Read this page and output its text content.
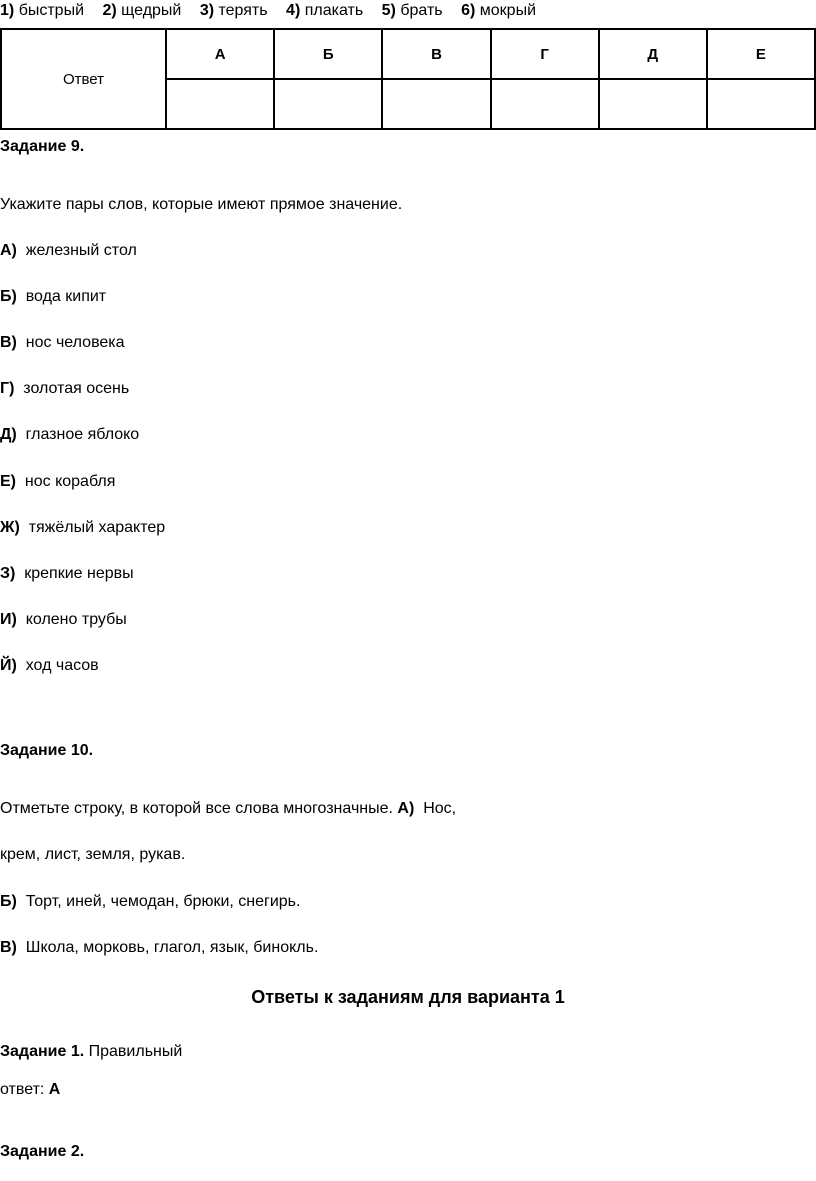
1) быстрый 2) щедрый 3) терять 4) плакать 5) брать 6) мокрый
Ответ	А	Б	В	Г	Д	Е

Задание 9.
Укажите пары слов, которые имеют прямое значение.
А) железный стол
Б) вода кипит
В) нос человека
Г) золотая осень
Д) глазное яблоко
Е) нос корабля
Ж) тяжёлый характер
З) крепкие нервы
И) колено трубы
Й) ход часов
Задание 10.
Отметьте строку, в которой все слова многозначные. А) Нос,
крем, лист, земля, рукав.
Б) Торт, иней, чемодан, брюки, снегирь.
В) Школа, морковь, глагол, язык, бинокль.
Ответы к заданиям для варианта 1
Задание 1. Правильный
ответ: А
Задание 2.
